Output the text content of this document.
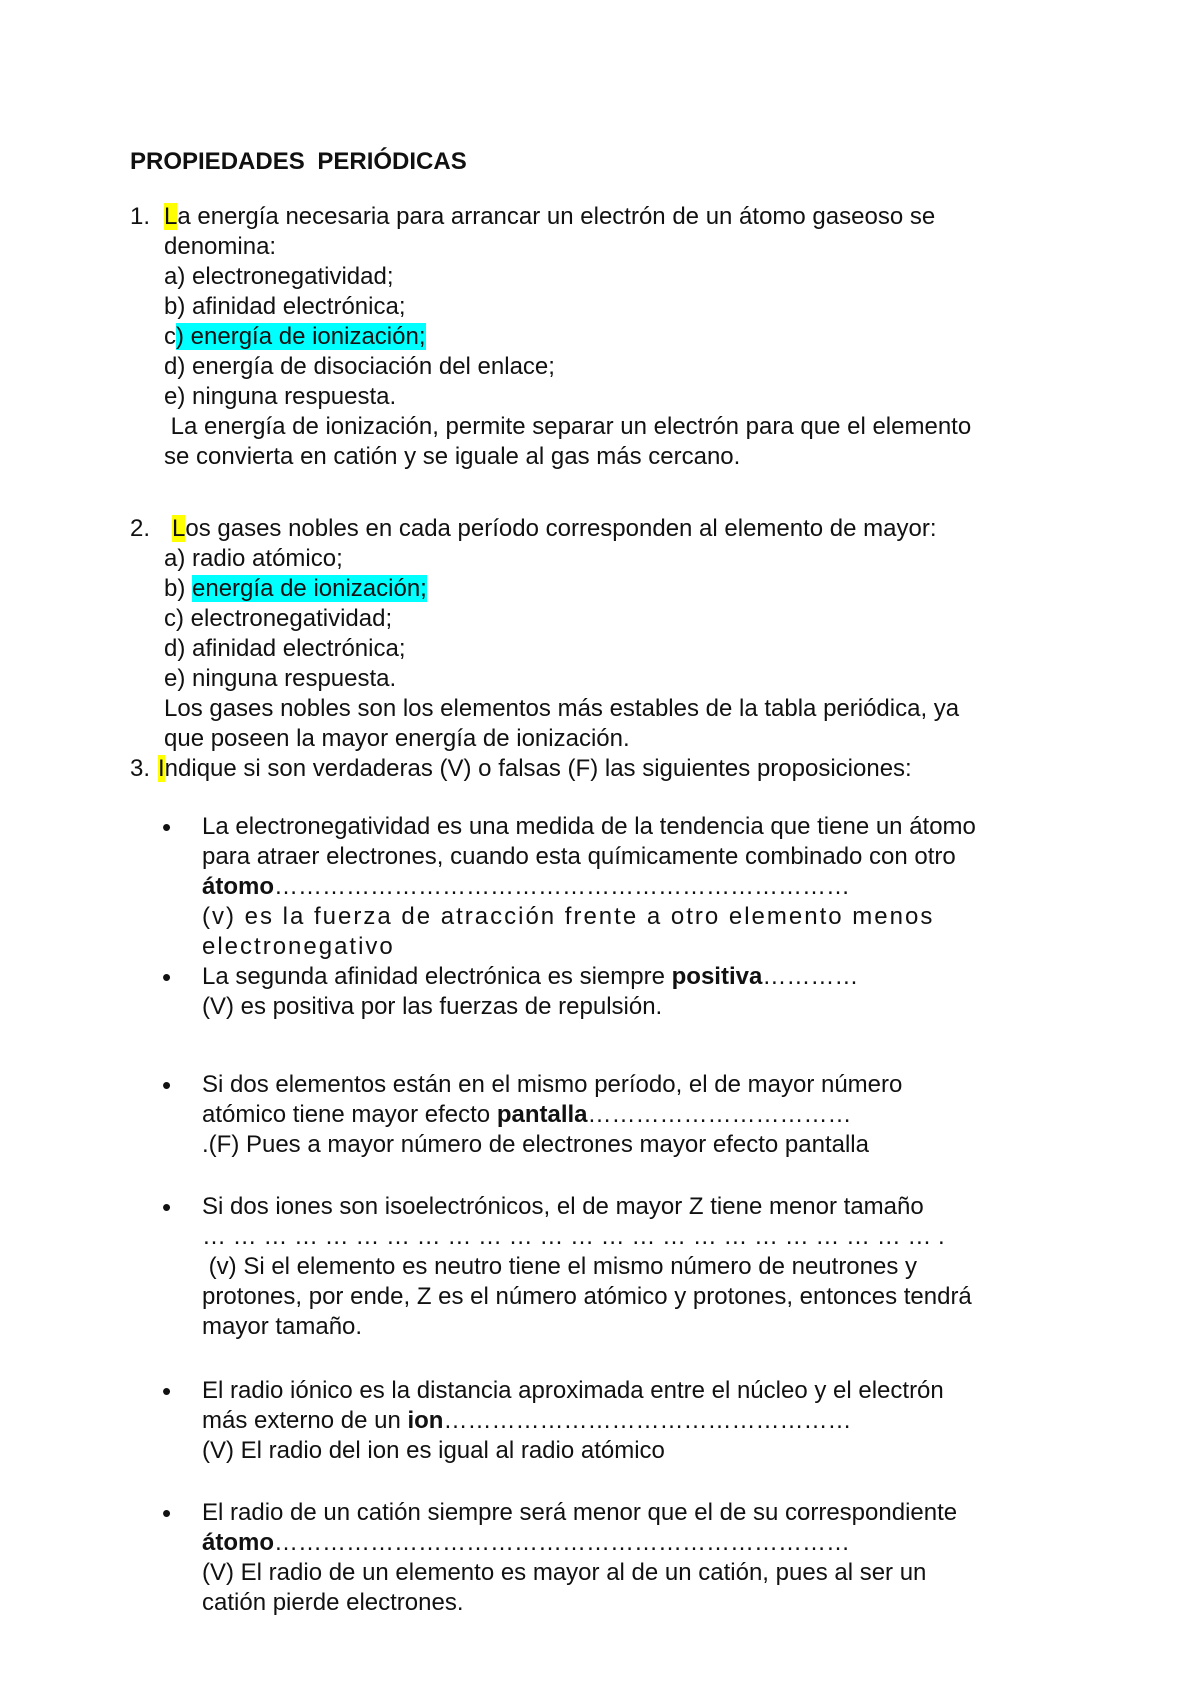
PROPIEDADES PERIÓDICAS
1. La energía necesaria para arrancar un electrón de un átomo gaseoso se
denomina:
a) electronegatividad;
b) afinidad electrónica;
c) energía de ionización;
d) energía de disociación del enlace;
e) ninguna respuesta.
La energía de ionización, permite separar un electrón para que el elemento
se convierta en catión y se iguale al gas más cercano.
2. Los gases nobles en cada período corresponden al elemento de mayor:
a) radio atómico;
b) energía de ionización;
c) electronegatividad;
d) afinidad electrónica;
e) ninguna respuesta.
Los gases nobles son los elementos más estables de la tabla periódica, ya
que poseen la mayor energía de ionización.
3. Indique si son verdaderas (V) o falsas (F) las siguientes proposiciones:
• La electronegatividad es una medida de la tendencia que tiene un átomo
para atraer electrones, cuando esta químicamente combinado con otro
átomo………………………………………………………………
(v) es la fuerza de atracción frente a otro elemento menos
electronegativo
• La segunda afinidad electrónica es siempre positiva…………
(V) es positiva por las fuerzas de repulsión.
• Si dos elementos están en el mismo período, el de mayor número
atómico tiene mayor efecto pantalla……………………………
.(F) Pues a mayor número de electrones mayor efecto pantalla
• Si dos iones son isoelectrónicos, el de mayor Z tiene menor tamaño
… … … … … … … … … … … … … … … … … … … … … … … … .
(v) Si el elemento es neutro tiene el mismo número de neutrones y
protones, por ende, Z es el número atómico y protones, entonces tendrá
mayor tamaño.
• El radio iónico es la distancia aproximada entre el núcleo y el electrón
más externo de un ion……………………………………………
(V) El radio del ion es igual al radio atómico
• El radio de un catión siempre será menor que el de su correspondiente
átomo………………………………………………………………
(V) El radio de un elemento es mayor al de un catión, pues al ser un
catión pierde electrones.
